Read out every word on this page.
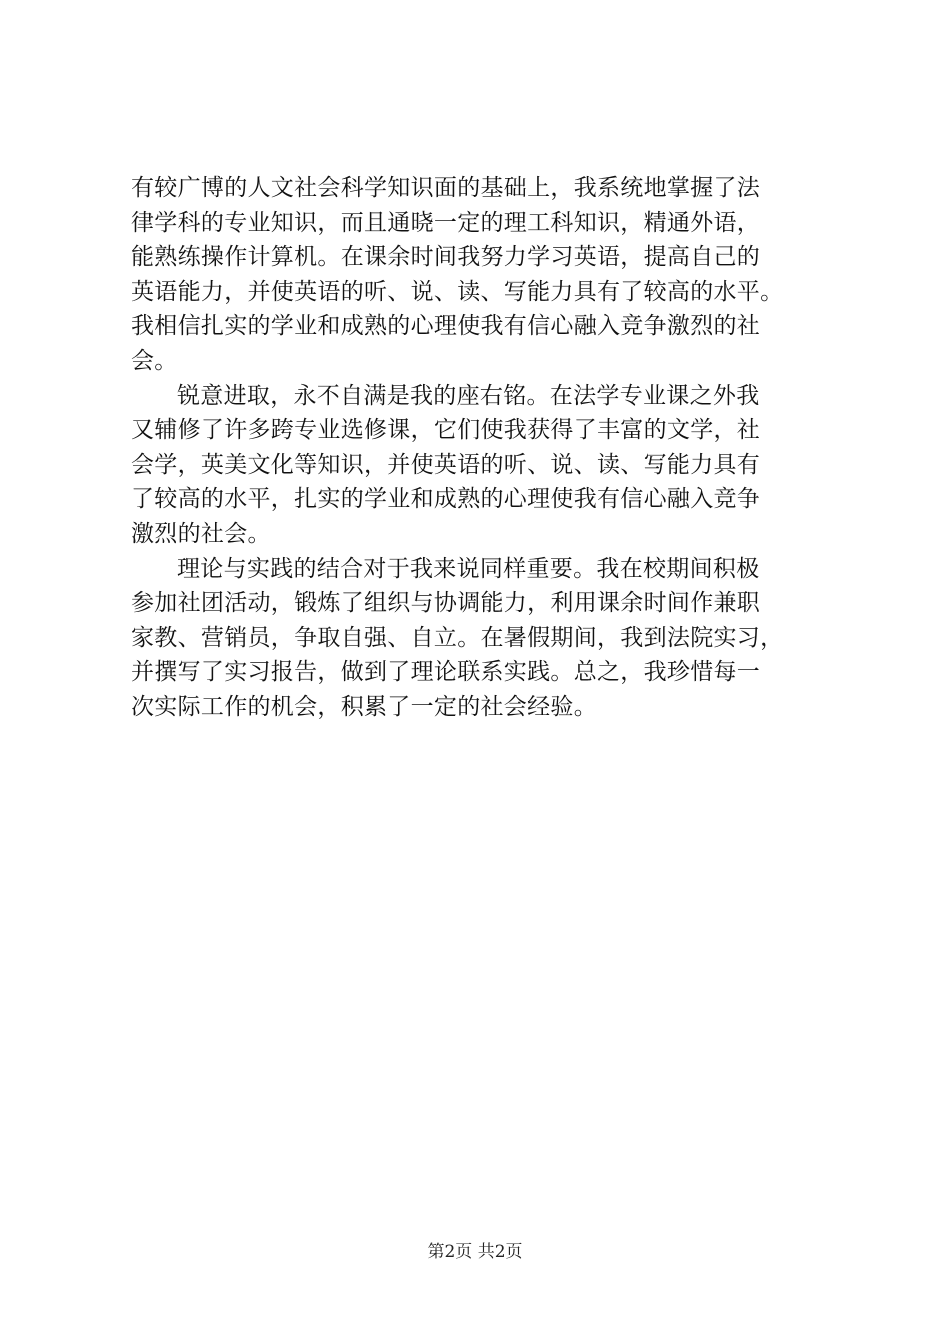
有较广博的人文社会科学知识面的基础上，我系统地掌握了法
律学科的专业知识，而且通晓一定的理工科知识，精通外语，
能熟练操作计算机。在课余时间我努力学习英语，提高自己的
英语能力，并使英语的听、说、读、写能力具有了较高的水平。
我相信扎实的学业和成熟的心理使我有信心融入竞争激烈的社
会。
锐意进取，永不自满是我的座右铭。在法学专业课之外我
又辅修了许多跨专业选修课，它们使我获得了丰富的文学，社
会学，英美文化等知识，并使英语的听、说、读、写能力具有
了较高的水平，扎实的学业和成熟的心理使我有信心融入竞争
激烈的社会。
理论与实践的结合对于我来说同样重要。我在校期间积极
参加社团活动，锻炼了组织与协调能力，利用课余时间作兼职
家教、营销员，争取自强、自立。在暑假期间，我到法院实习，
并撰写了实习报告，做到了理论联系实践。总之，我珍惜每一
次实际工作的机会，积累了一定的社会经验。
第2页 共2页
